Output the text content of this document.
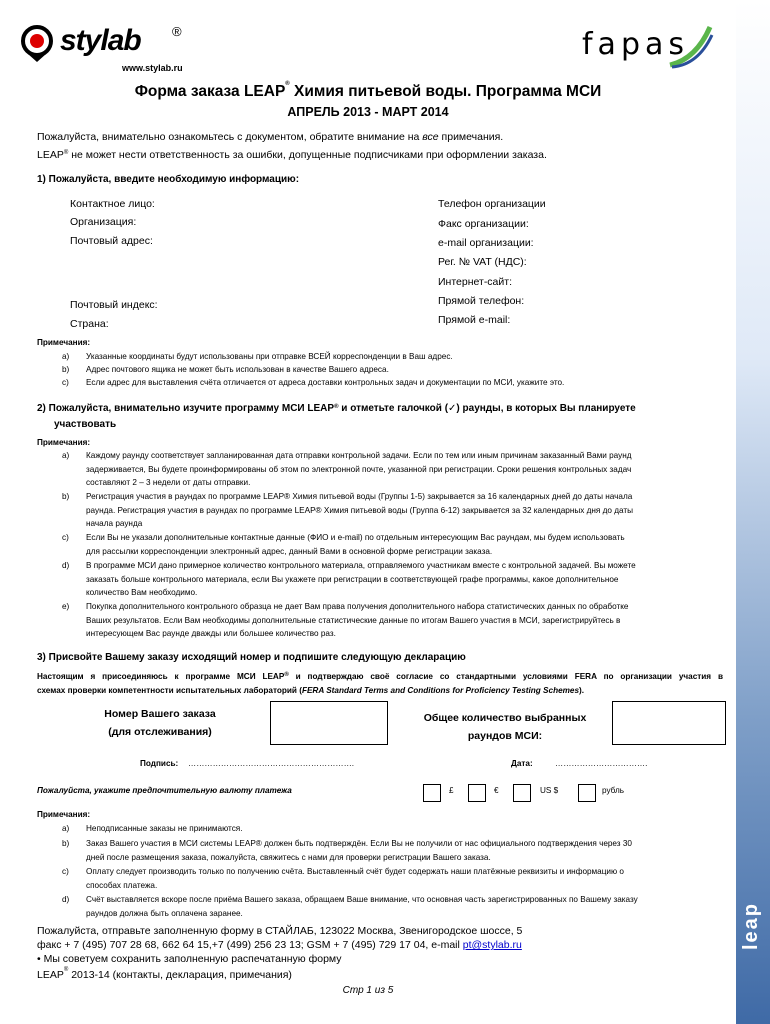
leap
stylab ®
www.stylab.ru
fapas
Форма заказа LEAP® Химия питьевой воды. Программа МСИ
АПРЕЛЬ 2013 - МАРТ 2014
Пожалуйста, внимательно ознакомьтесь с документом, обратите внимание на все примечания.
LEAP® не может нести ответственность за ошибки, допущенные подписчиками при оформлении заказа.
1) Пожалуйста, введите необходимую информацию:
Контактное лицо:
Организация:
Почтовый адрес:
Почтовый индекс:
Страна:
Телефон организации
Факс организации:
e-mail организации:
Рег. № VAT (НДС):
Интернет-сайт:
Прямой телефон:
Прямой e-mail:
Примечания:
a) Указанные координаты будут использованы при отправке ВСЕЙ корреспонденции в Ваш адрес.
b) Адрес почтового ящика не может быть использован в качестве Вашего адреса.
c) Если адрес для выставления счёта отличается от адреса доставки контрольных задач и документации по МСИ, укажите это.
2) Пожалуйста, внимательно изучите программу МСИ LEAP® и отметьте галочкой (✓) раунды, в которых Вы планируете
участвовать
Примечания:
a) Каждому раунду соответствует запланированная дата отправки контрольной задачи. Если по тем или иным причинам заказанный Вами раунд
задерживается, Вы будете проинформированы об этом по электронной почте, указанной при регистрации. Сроки решения контрольных задач
составляют 2 – 3 недели от даты отправки.
b) Регистрация участия в раундах по программе LEAP® Химия питьевой воды (Группы 1-5) закрывается за 16 календарных дней до даты начала
раунда. Регистрация участия в раундах по программе LEAP® Химия питьевой воды (Группа 6-12) закрывается за 32 календарных дня до даты
начала раунда
c) Если Вы не указали дополнительные контактные данные (ФИО и e-mail) по отдельным интересующим Вас раундам, мы будем использовать
для рассылки корреспонденции электронный адрес, данный Вами в основной форме регистрации заказа.
d) В программе МСИ дано примерное количество контрольного материала, отправляемого участникам вместе с контрольной задачей. Вы можете
заказать больше контрольного материала, если Вы укажете при регистрации в соответствующей графе программы, какое дополнительное
количество Вам необходимо.
e) Покупка дополнительного контрольного образца не дает Вам права получения дополнительного набора статистических данных по обработке
Ваших результатов. Если Вам необходимы дополнительные статистические данные по итогам Вашего участия в МСИ, зарегистрируйтесь в
интересующем Вас раунде дважды или большее количество раз.
3) Присвойте Вашему заказу исходящий номер и подпишите следующую декларацию
Настоящим я присоединяюсь к программе МСИ LEAP® и подтверждаю своё согласие со стандартными условиями FERA по организации участия в
схемах проверки компетентности испытательных лабораторий (FERA Standard Terms and Conditions for Proficiency Testing Schemes).
Номер Вашего заказа
(для отслеживания)
Общее количество выбранных
раундов МСИ:
Подпись: …………………………………………………….	Дата:	…………………………….
Пожалуйста, укажите предпочтительную валюту платежа	£	€	US $	рубль
Примечания:
a) Неподписанные заказы не принимаются.
b) Заказ Вашего участия в МСИ системы LEAP® должен быть подтверждён. Если Вы не получили от нас официального подтверждения через 30
дней после размещения заказа, пожалуйста, свяжитесь с нами для проверки регистрации Вашего заказа.
c) Оплату следует производить только по получению счёта. Выставленный счёт будет содержать наши платёжные реквизиты и информацию о
способах платежа.
d) Счёт выставляется вскоре после приёма Вашего заказа, обращаем Ваше внимание, что основная часть зарегистрированных по Вашему заказу
раундов должна быть оплачена заранее.
Пожалуйста, отправьте заполненную форму в СТАЙЛАБ, 123022 Москва, Звенигородское шоссе, 5
факс + 7 (495) 707 28 68, 662 64 15,+7 (499) 256 23 13; GSM + 7 (495) 729 17 04, e-mail pt@stylab.ru
• Мы советуем сохранить заполненную распечатанную форму
LEAP® 2013-14 (контакты, декларация, примечания)
Стр 1 из 5
